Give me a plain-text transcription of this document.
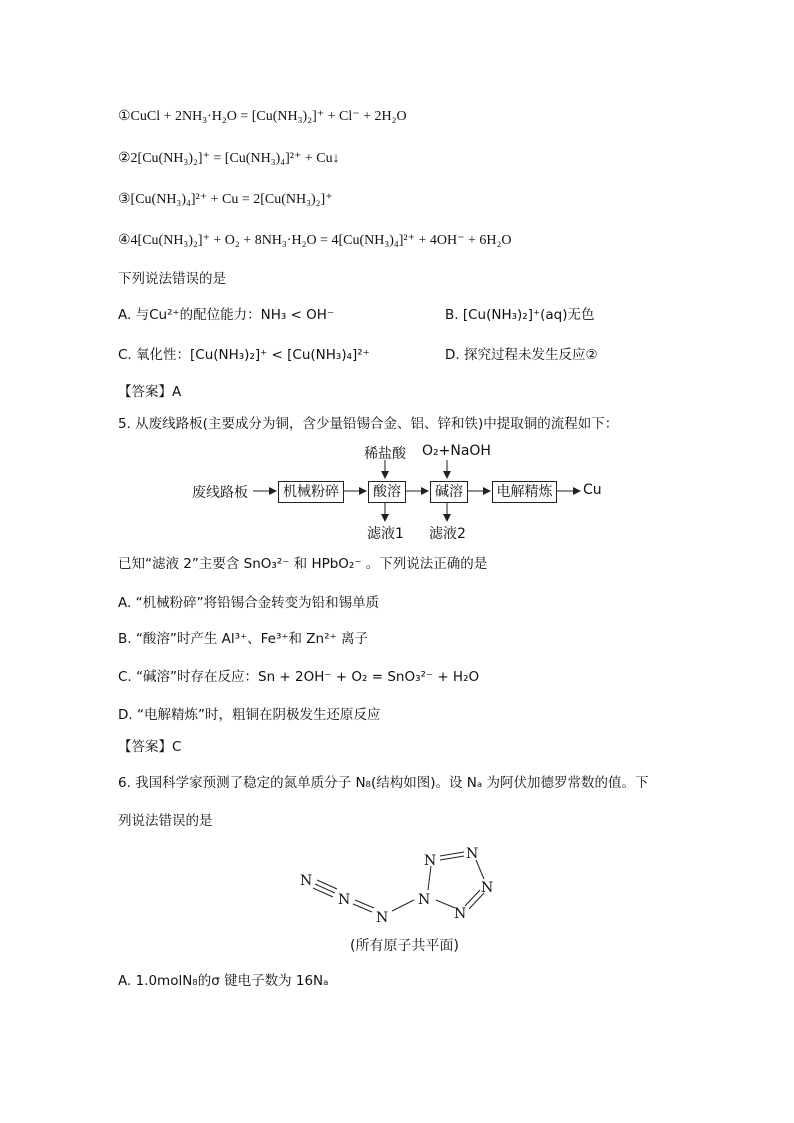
①CuCl + 2NH₃·H₂O = [Cu(NH₃)₂]⁺ + Cl⁻ + 2H₂O
②2[Cu(NH₃)₂]⁺ = [Cu(NH₃)₄]²⁺ + Cu↓
③[Cu(NH₃)₄]²⁺ + Cu = 2[Cu(NH₃)₂]⁺
④4[Cu(NH₃)₂]⁺ + O₂ + 8NH₃·H₂O = 4[Cu(NH₃)₄]²⁺ + 4OH⁻ + 6H₂O
下列说法错误的是
A. 与Cu²⁺的配位能力：NH₃ < OH⁻	B. [Cu(NH₃)₂]⁺(aq)无色
C. 氧化性：[Cu(NH₃)₂]⁺ < [Cu(NH₃)₄]²⁺	D. 探究过程未发生反应②
【答案】A
5. 从废线路板(主要成分为铜，含少量铅锡合金、铝、锌和铁)中提取铜的流程如下：
废线路板	机械粉碎	酸溶	碱溶	电解精炼	Cu
稀盐酸 O₂+NaOH
滤液1 滤液2
已知“滤液 2”主要含 SnO₃²⁻ 和 HPbO₂⁻ 。下列说法正确的是
A. “机械粉碎”将铅锡合金转变为铅和锡单质
B. “酸溶”时产生 Al³⁺、Fe³⁺和 Zn²⁺ 离子
C. “碱溶”时存在反应：Sn + 2OH⁻ + O₂ = SnO₃²⁻ + H₂O
D. “电解精炼”时，粗铜在阴极发生还原反应
【答案】C
6. 我国科学家预测了稳定的氮单质分子 N₈(结构如图)。设 Nₐ 为阿伏加德罗常数的值。下
列说法错误的是
N
N
N
N
N N
N
N
(所有原子共平面)
A. 1.0molN₈的σ 键电子数为 16Nₐ
